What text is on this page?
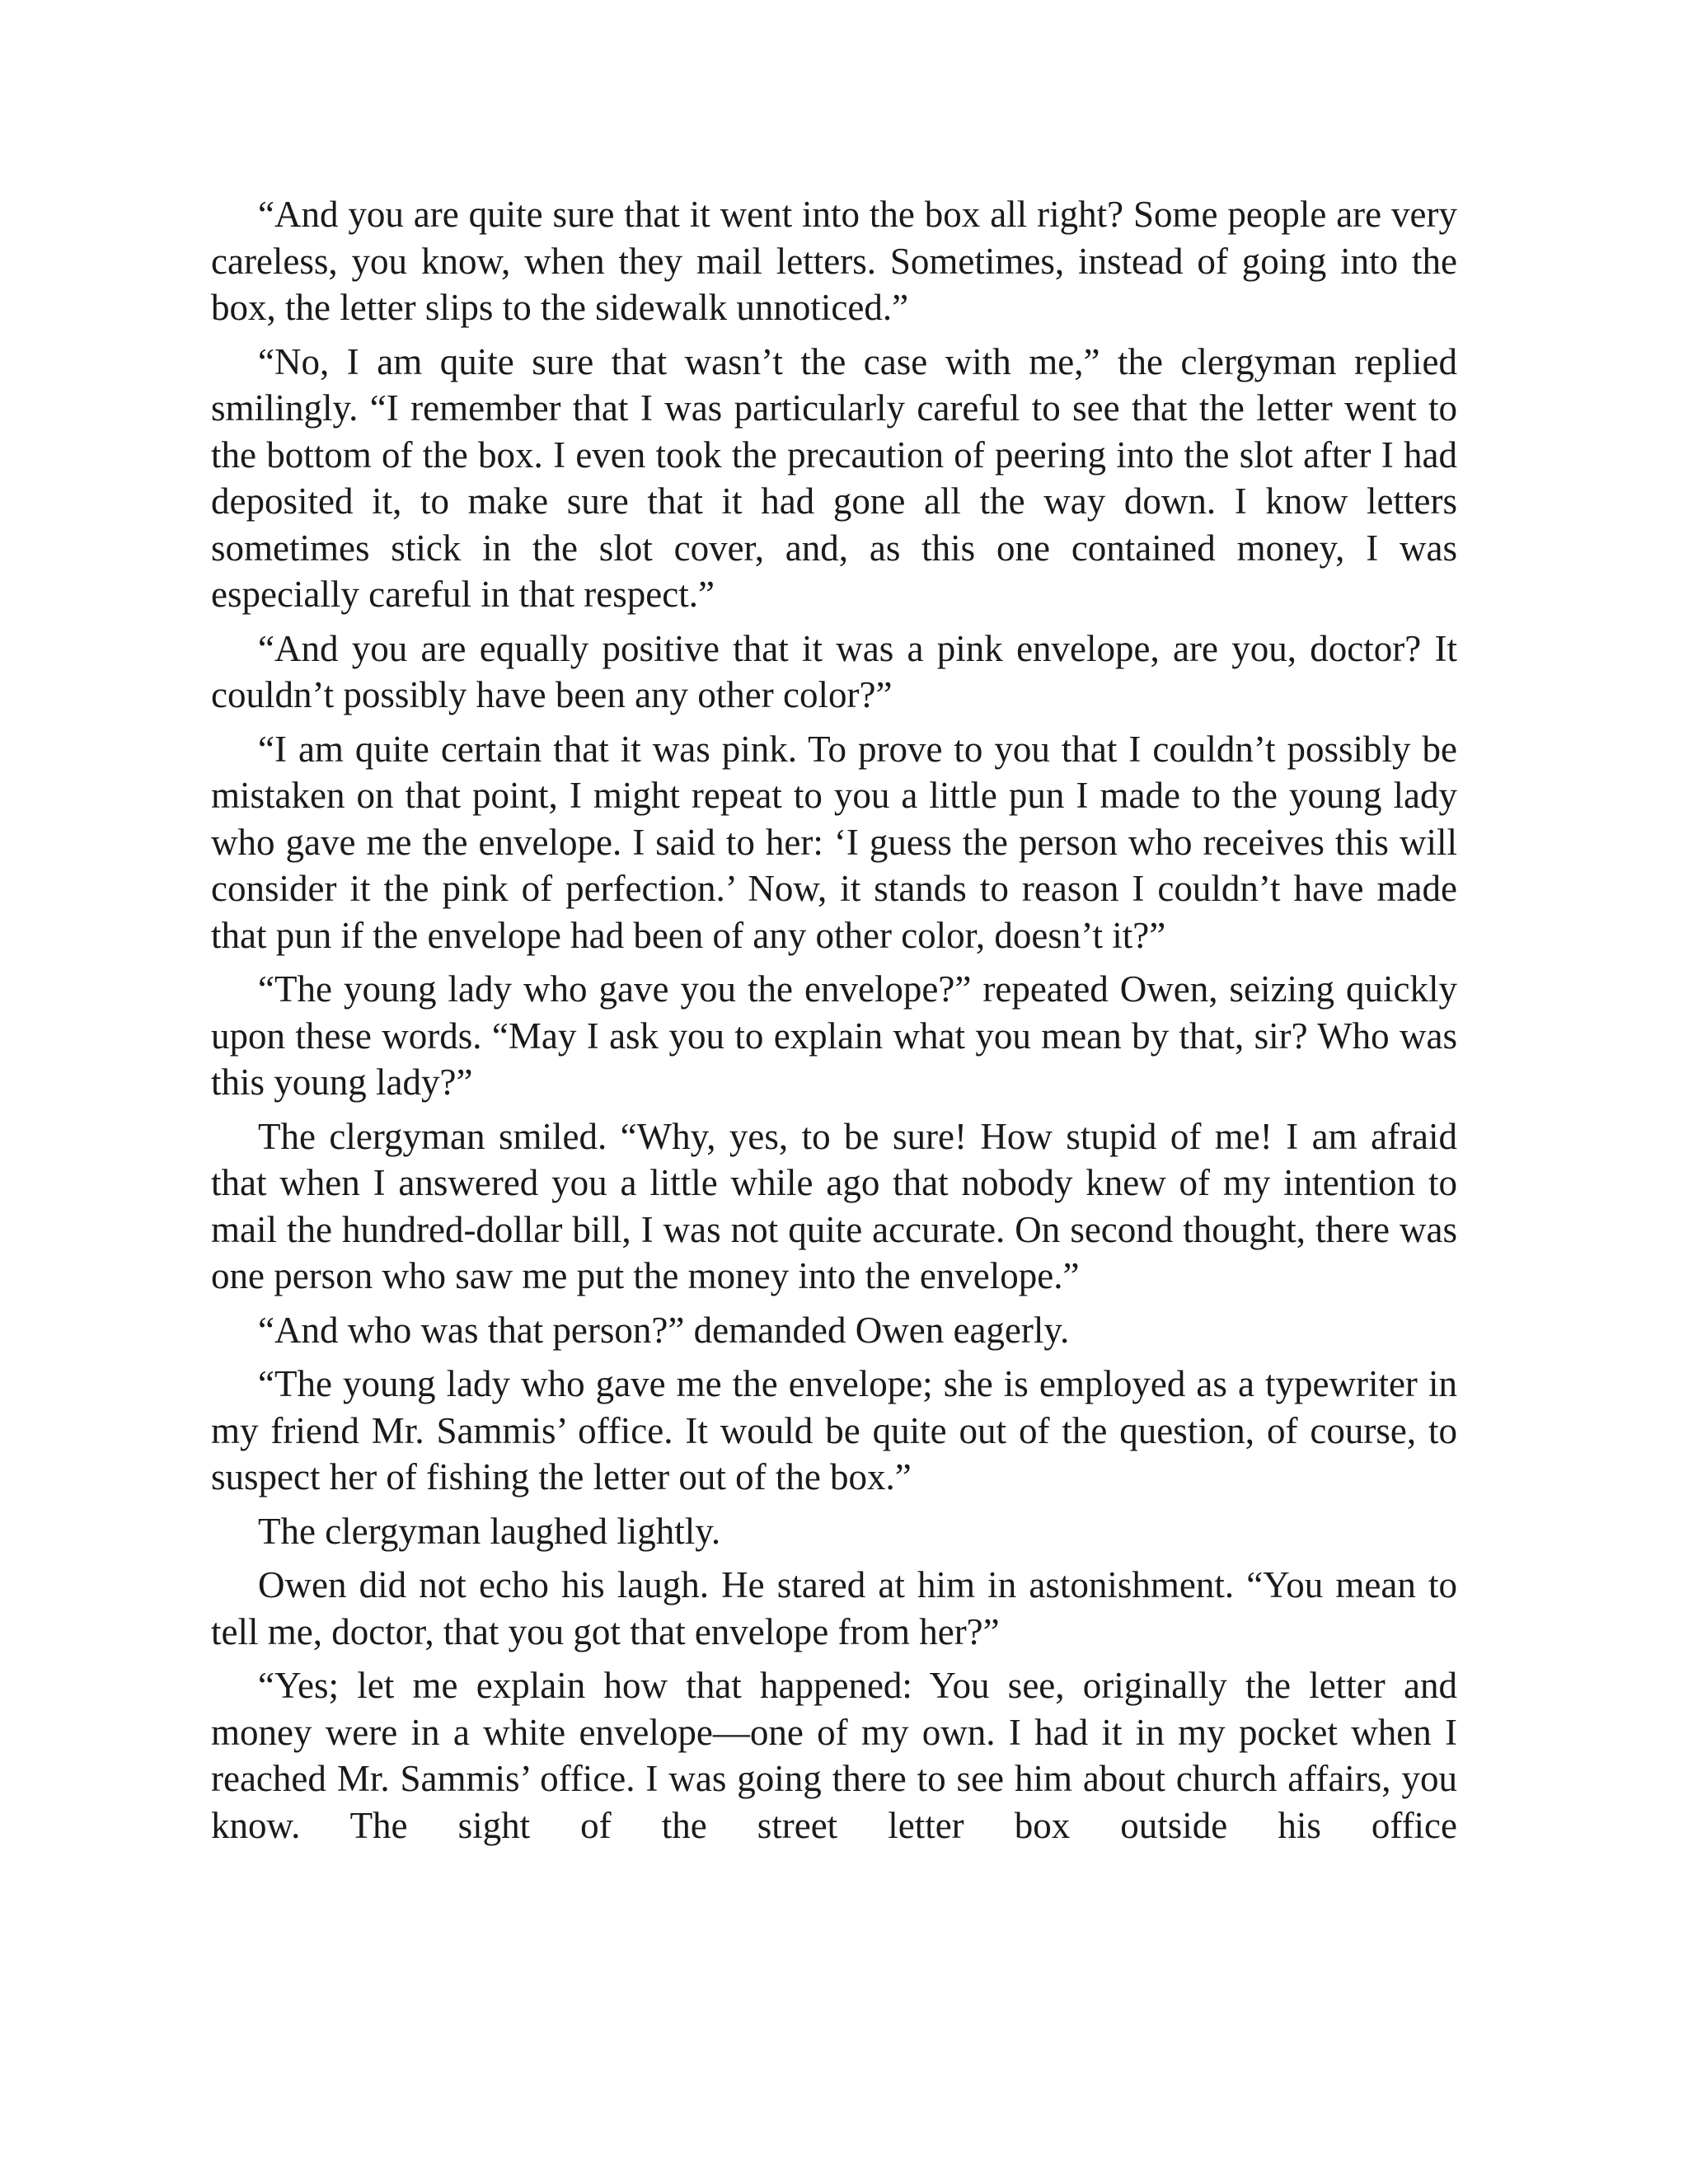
“And you are quite sure that it went into the box all right? Some people are very careless, you know, when they mail letters. Sometimes, instead of going into the box, the letter slips to the sidewalk unnoticed.”

“No, I am quite sure that wasn’t the case with me,” the clergyman replied smilingly. “I remember that I was particularly careful to see that the letter went to the bottom of the box. I even took the precaution of peering into the slot after I had deposited it, to make sure that it had gone all the way down. I know letters sometimes stick in the slot cover, and, as this one contained money, I was especially careful in that respect.”

“And you are equally positive that it was a pink envelope, are you, doctor? It couldn’t possibly have been any other color?”

“I am quite certain that it was pink. To prove to you that I couldn’t possibly be mistaken on that point, I might repeat to you a little pun I made to the young lady who gave me the envelope. I said to her: ‘I guess the person who receives this will consider it the pink of perfection.’ Now, it stands to reason I couldn’t have made that pun if the envelope had been of any other color, doesn’t it?”

“The young lady who gave you the envelope?” repeated Owen, seizing quickly upon these words. “May I ask you to explain what you mean by that, sir? Who was this young lady?”

The clergyman smiled. “Why, yes, to be sure! How stupid of me! I am afraid that when I answered you a little while ago that nobody knew of my intention to mail the hundred-dollar bill, I was not quite accurate. On second thought, there was one person who saw me put the money into the envelope.”

“And who was that person?” demanded Owen eagerly.

“The young lady who gave me the envelope; she is employed as a typewriter in my friend Mr. Sammis’ office. It would be quite out of the question, of course, to suspect her of fishing the letter out of the box.”

The clergyman laughed lightly.

Owen did not echo his laugh. He stared at him in astonishment. “You mean to tell me, doctor, that you got that envelope from her?”

“Yes; let me explain how that happened: You see, originally the letter and money were in a white envelope—one of my own. I had it in my pocket when I reached Mr. Sammis’ office. I was going there to see him about church affairs, you know. The sight of the street letter box outside his office
